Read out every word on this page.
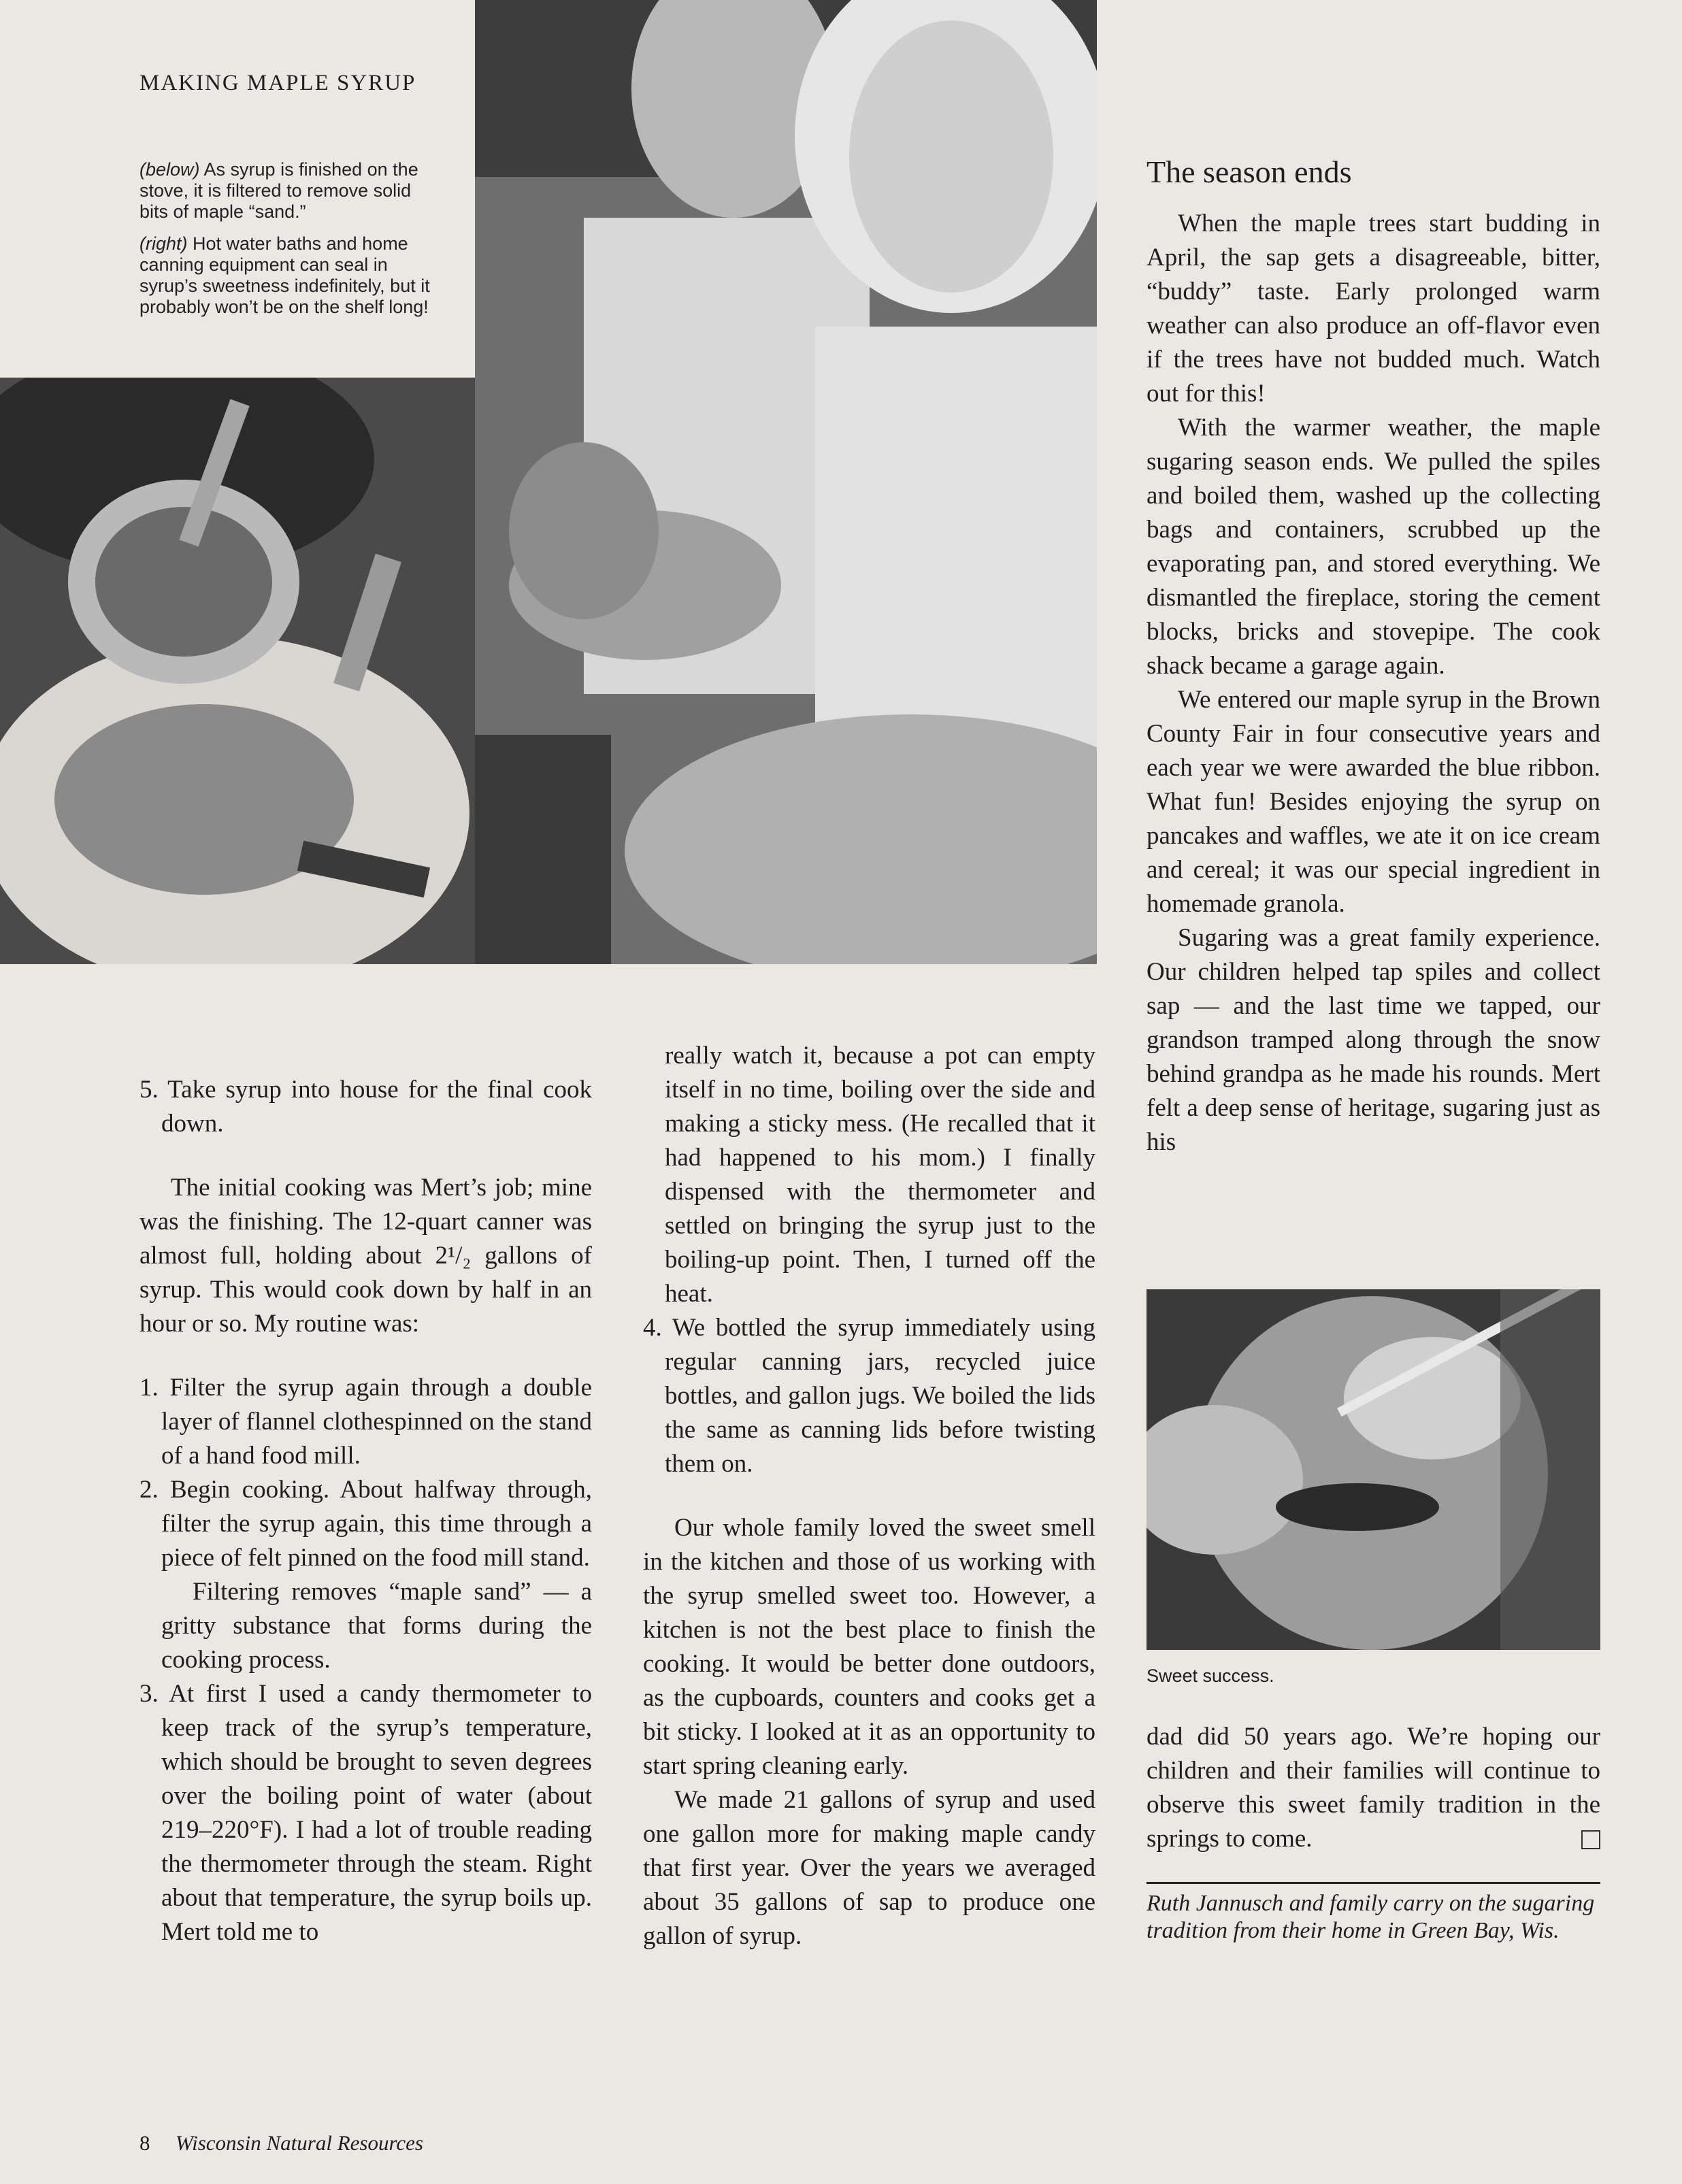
MAKING MAPLE SYRUP

(below) As syrup is finished on the stove, it is filtered to remove solid bits of maple “sand.”

(right) Hot water baths and home canning equipment can seal in syrup’s sweetness indefinitely, but it probably won’t be on the shelf long!

5. Take syrup into house for the final cook down.

The initial cooking was Mert’s job; mine was the finishing. The 12-quart canner was almost full, holding about 2¹/₂ gallons of syrup. This would cook down by half in an hour or so. My routine was:

1. Filter the syrup again through a double layer of flannel clothespinned on the stand of a hand food mill.

2. Begin cooking. About halfway through, filter the syrup again, this time through a piece of felt pinned on the food mill stand.

Filtering removes “maple sand” — a gritty substance that forms during the cooking process.

3. At first I used a candy thermometer to keep track of the syrup’s temperature, which should be brought to seven degrees over the boiling point of water (about 219–220°F). I had a lot of trouble reading the thermometer through the steam. Right about that temperature, the syrup boils up. Mert told me to

really watch it, because a pot can empty itself in no time, boiling over the side and making a sticky mess. (He recalled that it had happened to his mom.) I finally dispensed with the thermometer and settled on bringing the syrup just to the boiling-up point. Then, I turned off the heat.

4. We bottled the syrup immediately using regular canning jars, recycled juice bottles, and gallon jugs. We boiled the lids the same as canning lids before twisting them on.

Our whole family loved the sweet smell in the kitchen and those of us working with the syrup smelled sweet too. However, a kitchen is not the best place to finish the cooking. It would be better done outdoors, as the cupboards, counters and cooks get a bit sticky. I looked at it as an opportunity to start spring cleaning early.

We made 21 gallons of syrup and used one gallon more for making maple candy that first year. Over the years we averaged about 35 gallons of sap to produce one gallon of syrup.

The season ends

When the maple trees start budding in April, the sap gets a disagreeable, bitter, “buddy” taste. Early prolonged warm weather can also produce an off-flavor even if the trees have not budded much. Watch out for this!

With the warmer weather, the maple sugaring season ends. We pulled the spiles and boiled them, washed up the collecting bags and containers, scrubbed up the evaporating pan, and stored everything. We dismantled the fireplace, storing the cement blocks, bricks and stovepipe. The cook shack became a garage again.

We entered our maple syrup in the Brown County Fair in four consecutive years and each year we were awarded the blue ribbon. What fun! Besides enjoying the syrup on pancakes and waffles, we ate it on ice cream and cereal; it was our special ingredient in homemade granola.

Sugaring was a great family experience. Our children helped tap spiles and collect sap — and the last time we tapped, our grandson tramped along through the snow behind grandpa as he made his rounds. Mert felt a deep sense of heritage, sugaring just as his

Sweet success.

dad did 50 years ago. We’re hoping our children and their families will continue to observe this sweet family tradition in the springs to come.

Ruth Jannusch and family carry on the sugaring tradition from their home in Green Bay, Wis.
8 Wisconsin Natural Resources
